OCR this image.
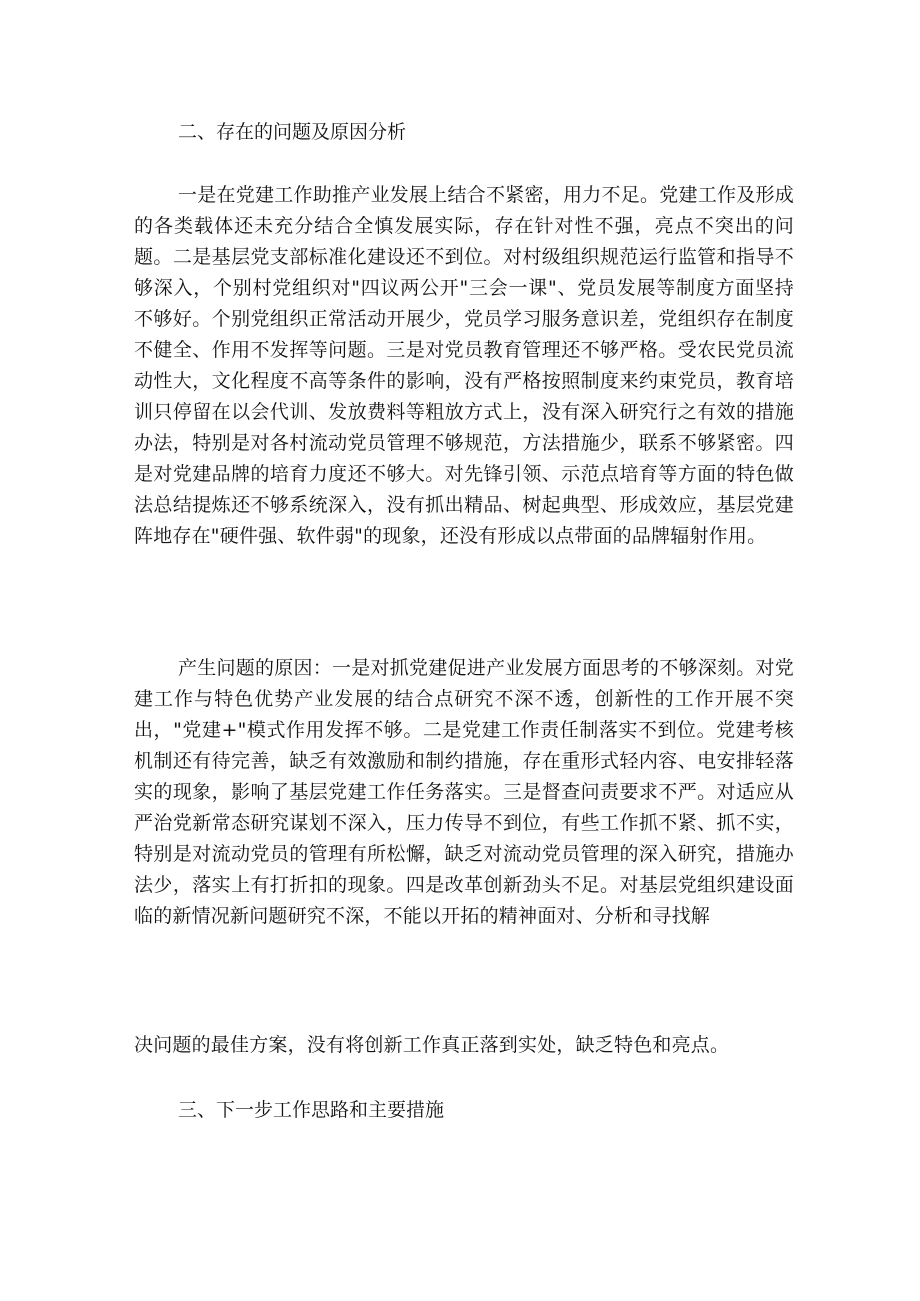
二、存在的问题及原因分析
一是在党建工作助推产业发展上结合不紧密，用力不足。党建工作及形成的各类载体还未充分结合全慎发展实际，存在针对性不强，亮点不突出的问题。二是基层党支部标准化建设还不到位。对村级组织规范运行监管和指导不够深入，个别村党组织对"四议两公开"三会一课"、党员发展等制度方面坚持不够好。个别党组织正常活动开展少，党员学习服务意识差，党组织存在制度不健全、作用不发挥等问题。三是对党员教育管理还不够严格。受农民党员流动性大，文化程度不高等条件的影响，没有严格按照制度来约束党员，教育培训只停留在以会代训、发放费料等粗放方式上，没有深入研究行之有效的措施办法，特别是对各村流动党员管理不够规范，方法措施少，联系不够紧密。四是对党建品牌的培育力度还不够大。对先锋引领、示范点培育等方面的特色做法总结提炼还不够系统深入，没有抓出精品、树起典型、形成效应，基层党建阵地存在"硬件强、软件弱"的现象，还没有形成以点带面的品牌辐射作用。
产生问题的原因：一是对抓党建促进产业发展方面思考的不够深刻。对党建工作与特色优势产业发展的结合点研究不深不透，创新性的工作开展不突出，"党建+"模式作用发挥不够。二是党建工作责任制落实不到位。党建考核机制还有待完善，缺乏有效激励和制约措施，存在重形式轻内容、电安排轻落实的现象，影响了基层党建工作任务落实。三是督查问责要求不严。对适应从严治党新常态研究谋划不深入，压力传导不到位，有些工作抓不紧、抓不实，特别是对流动党员的管理有所松懈，缺乏对流动党员管理的深入研究，措施办法少，落实上有打折扣的现象。四是改革创新劲头不足。对基层党组织建设面临的新情况新问题研究不深，不能以开拓的精神面对、分析和寻找解
决问题的最佳方案，没有将创新工作真正落到实处，缺乏特色和亮点。
三、下一步工作思路和主要措施
